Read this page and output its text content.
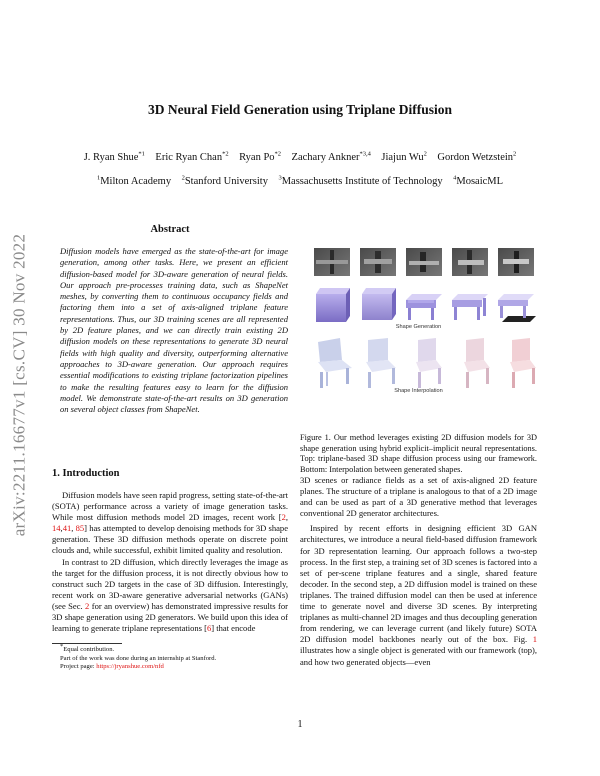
arXiv:2211.16677v1 [cs.CV] 30 Nov 2022
3D Neural Field Generation using Triplane Diffusion
J. Ryan Shue$^{*1}$ Eric Ryan Chan$^{*2}$ Ryan Po$^{*2}$ Zachary Ankner$^{*3,4}$ Jiajun Wu$^2$ Gordon Wetzstein$^2$
$^1$Milton Academy $^2$Stanford University $^3$Massachusetts Institute of Technology $^4$MosaicML
Abstract
Diffusion models have emerged as the state-of-the-art for image generation, among other tasks. Here, we present an efficient diffusion-based model for 3D-aware generation of neural fields. Our approach pre-processes training data, such as ShapeNet meshes, by converting them to continuous occupancy fields and factoring them into a set of axis-aligned triplane feature representations. Thus, our 3D training scenes are all represented by 2D feature planes, and we can directly train existing 2D diffusion models on these representations to generate 3D neural fields with high quality and diversity, outperforming alternative approaches to 3D-aware generation. Our approach requires essential modifications to existing triplane factorization pipelines to make the resulting features easy to learn for the diffusion model. We demonstrate state-of-the-art results on 3D generation on several object classes from ShapeNet.
1. Introduction

Diffusion models have seen rapid progress, setting state-of-the-art (SOTA) performance across a variety of image generation tasks. While most diffusion methods model 2D images, recent work [2, 14,41, 85] has attempted to develop denoising methods for 3D shape generation. These 3D diffusion methods operate on discrete point clouds and, while successful, exhibit limited quality and resolution.

In contrast to 2D diffusion, which directly leverages the image as the target for the diffusion process, it is not directly obvious how to construct such 2D targets in the case of 3D diffusion. Interestingly, recent work on 3D-aware generative adversarial networks (GANs) (see Sec. 2 for an overview) has demonstrated impressive results for 3D shape generation using 2D generators. We build upon this idea of learning to generate triplane representations [6] that encode

*Equal contribution.
Part of the work was done during an internship at Stanford.
Project page: https://jryanshue.com/nfd
Shape Generation
Shape Interpolation
Figure 1. Our method leverages existing 2D diffusion models for 3D shape generation using hybrid explicit–implicit neural representations. Top: triplane-based 3D shape diffusion process using our framework. Bottom: Interpolation between generated shapes.

3D scenes or radiance fields as a set of axis-aligned 2D feature planes. The structure of a triplane is analogous to that of a 2D image and can be used as part of a 3D generative method that leverages conventional 2D generator architectures.

Inspired by recent efforts in designing efficient 3D GAN architectures, we introduce a neural field-based diffusion framework for 3D representation learning. Our approach follows a two-step process. In the first step, a training set of 3D scenes is factored into a set of per-scene triplane features and a single, shared feature decoder. In the second step, a 2D diffusion model is trained on these triplanes. The trained diffusion model can then be used at inference time to generate novel and diverse 3D scenes. By interpreting triplanes as multi-channel 2D images and thus decoupling generation from rendering, we can leverage current (and likely future) SOTA 2D diffusion model backbones nearly out of the box. Fig. 1 illustrates how a single object is generated with our framework (top), and how two generated objects—even

1
